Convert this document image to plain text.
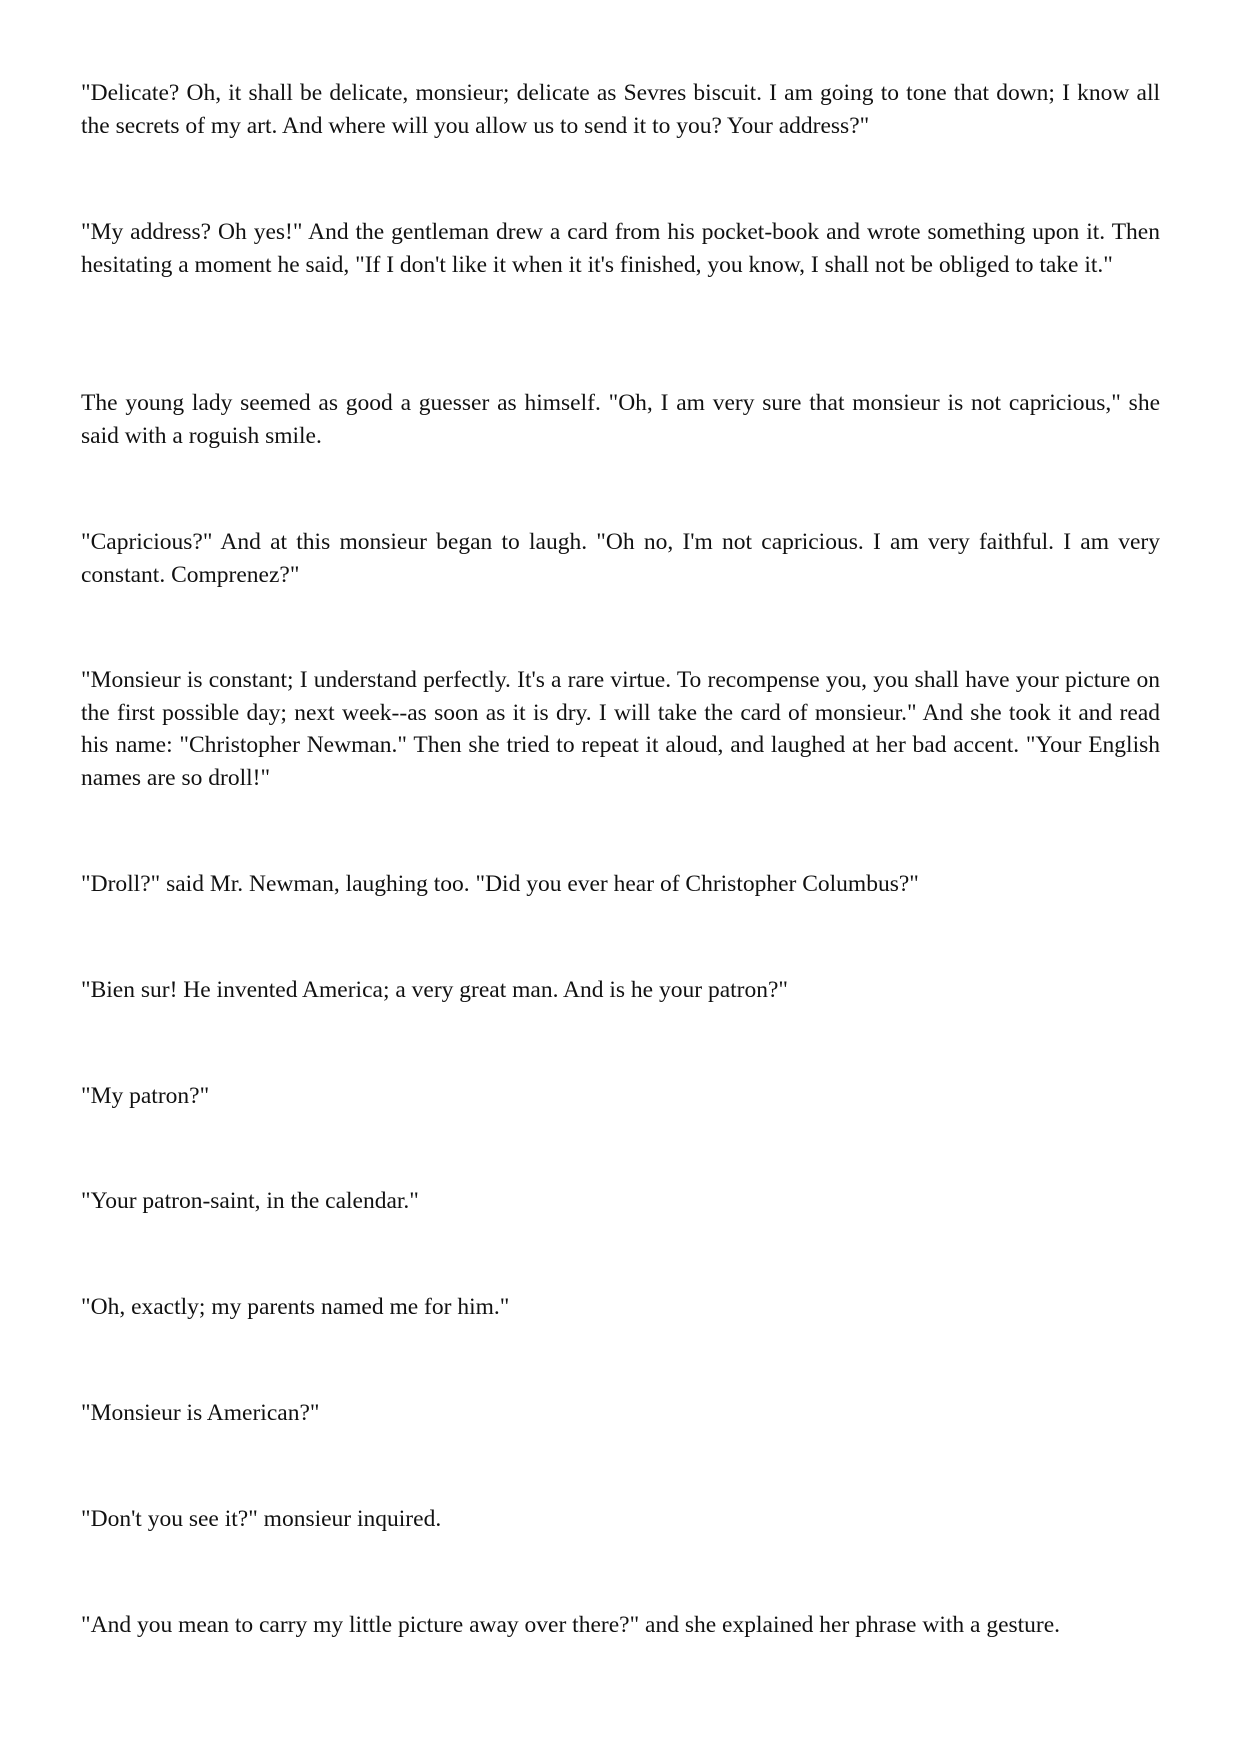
"Delicate? Oh, it shall be delicate, monsieur; delicate as Sevres biscuit. I am going to tone that down; I know all the secrets of my art. And where will you allow us to send it to you? Your address?"

"My address? Oh yes!" And the gentleman drew a card from his pocket-book and wrote something upon it. Then hesitating a moment he said, "If I don't like it when it it's finished, you know, I shall not be obliged to take it."

The young lady seemed as good a guesser as himself. "Oh, I am very sure that monsieur is not capricious," she said with a roguish smile.

"Capricious?" And at this monsieur began to laugh. "Oh no, I'm not capricious. I am very faithful. I am very constant. Comprenez?"

"Monsieur is constant; I understand perfectly. It's a rare virtue. To recompense you, you shall have your picture on the first possible day; next week--as soon as it is dry. I will take the card of monsieur." And she took it and read his name: "Christopher Newman." Then she tried to repeat it aloud, and laughed at her bad accent. "Your English names are so droll!"

"Droll?" said Mr. Newman, laughing too. "Did you ever hear of Christopher Columbus?"

"Bien sur! He invented America; a very great man. And is he your patron?"

"My patron?"

"Your patron-saint, in the calendar."

"Oh, exactly; my parents named me for him."

"Monsieur is American?"

"Don't you see it?" monsieur inquired.

"And you mean to carry my little picture away over there?" and she explained her phrase with a gesture.
